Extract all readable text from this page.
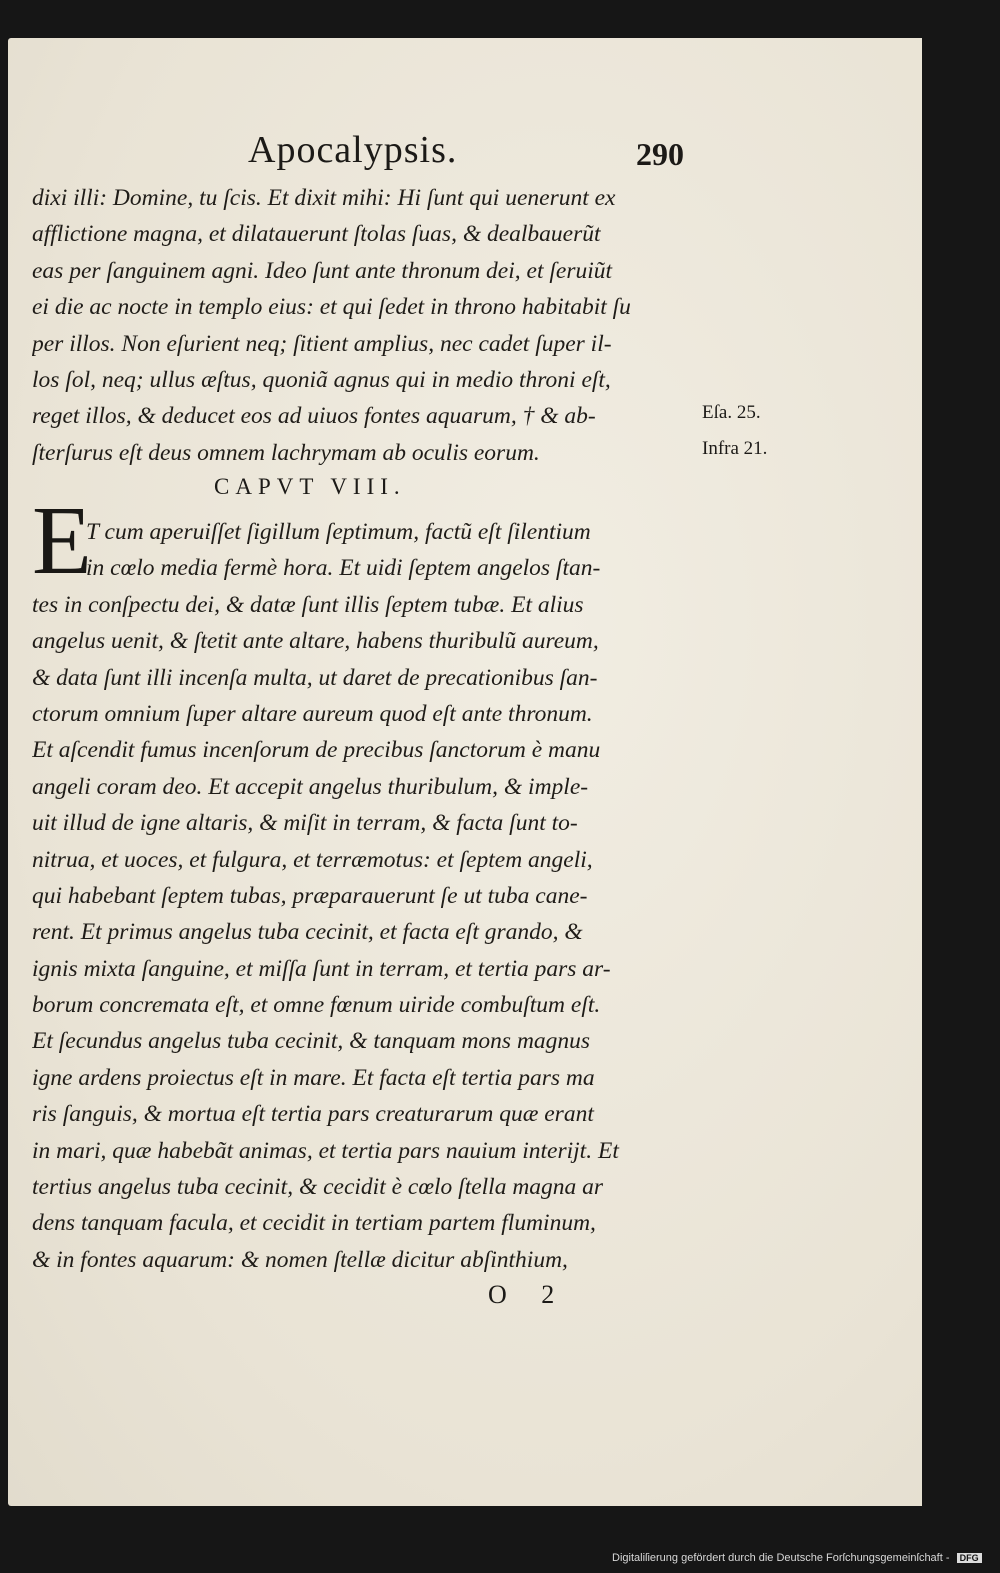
Apocalypsis.	290
dixi illi: Domine, tu ſcis. Et dixit mihi: Hi ſunt qui uenerunt ex
afflictione magna, et dilatauerunt ſtolas ſuas, & dealbauerũt
eas per ſanguinem agni. Ideo ſunt ante thronum dei, et ſeruiũt
ei die ac nocte in templo eius: et qui ſedet in throno habitabit ſu
per illos. Non eſurient neq; ſitient amplius, nec cadet ſuper il-
los ſol, neq; ullus æſtus, quoniã agnus qui in medio throni eſt,
reget illos, & deducet eos ad uiuos fontes aquarum, † & ab-
ſterſurus eſt deus omnem lachrymam ab oculis eorum.
Eſa. 25.
Infra 21.
CAPVT VIII.
E
T cum aperuiſſet ſigillum ſeptimum, factũ eſt ſilentium
in cœlo media fermè hora. Et uidi ſeptem angelos ſtan-
tes in conſpectu dei, & datæ ſunt illis ſeptem tubæ. Et alius
angelus uenit, & ſtetit ante altare, habens thuribulũ aureum,
& data ſunt illi incenſa multa, ut daret de precationibus ſan-
ctorum omnium ſuper altare aureum quod eſt ante thronum.
Et aſcendit fumus incenſorum de precibus ſanctorum è manu
angeli coram deo. Et accepit angelus thuribulum, & imple-
uit illud de igne altaris, & miſit in terram, & facta ſunt to-
nitrua, et uoces, et fulgura, et terræmotus: et ſeptem angeli,
qui habebant ſeptem tubas, præparauerunt ſe ut tuba cane-
rent. Et primus angelus tuba cecinit, et facta eſt grando, &
ignis mixta ſanguine, et miſſa ſunt in terram, et tertia pars ar-
borum concremata eſt, et omne fœnum uiride combuſtum eſt.
Et ſecundus angelus tuba cecinit, & tanquam mons magnus
igne ardens proiectus eſt in mare. Et facta eſt tertia pars ma
ris ſanguis, & mortua eſt tertia pars creaturarum quæ erant
in mari, quæ habebãt animas, et tertia pars nauium interijt. Et
tertius angelus tuba cecinit, & cecidit è cœlo ſtella magna ar
dens tanquam facula, et cecidit in tertiam partem fluminum,
& in fontes aquarum: & nomen ſtellæ dicitur abſinthium,
O 2
Digitaliſierung gefördert durch die Deutsche Forſchungsgemeinſchaft - DFG
